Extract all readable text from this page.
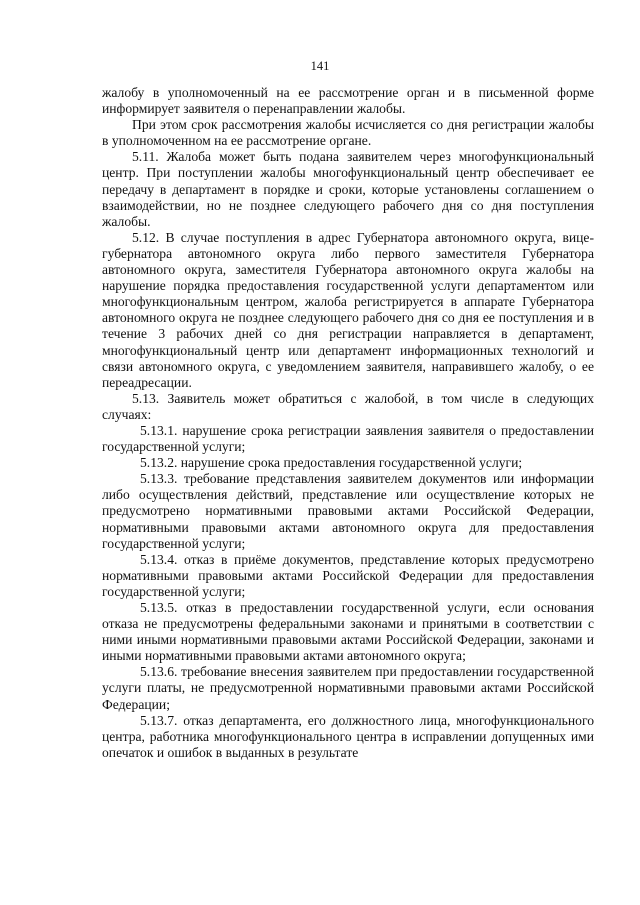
141

жалобу в уполномоченный на ее рассмотрение орган и в письменной форме информирует заявителя о перенаправлении жалобы.

При этом срок рассмотрения жалобы исчисляется со дня регистрации жалобы в уполномоченном на ее рассмотрение органе.

5.11. Жалоба может быть подана заявителем через многофункциональный центр. При поступлении жалобы многофункциональный центр обеспечивает ее передачу в департамент в порядке и сроки, которые установлены соглашением о взаимодействии, но не позднее следующего рабочего дня со дня поступления жалобы.

5.12. В случае поступления в адрес Губернатора автономного округа, вице-губернатора автономного округа либо первого заместителя Губернатора автономного округа, заместителя Губернатора автономного округа жалобы на нарушение порядка предоставления государственной услуги департаментом или многофункциональным центром, жалоба регистрируется в аппарате Губернатора автономного округа не позднее следующего рабочего дня со дня ее поступления и в течение 3 рабочих дней со дня регистрации направляется в департамент, многофункциональный центр или департамент информационных технологий и связи автономного округа, с уведомлением заявителя, направившего жалобу, о ее переадресации.

5.13. Заявитель может обратиться с жалобой, в том числе в следующих случаях:

5.13.1. нарушение срока регистрации заявления заявителя о предоставлении государственной услуги;

5.13.2. нарушение срока предоставления государственной услуги;

5.13.3. требование представления заявителем документов или информации либо осуществления действий, представление или осуществление которых не предусмотрено нормативными правовыми актами Российской Федерации, нормативными правовыми актами автономного округа для предоставления государственной услуги;

5.13.4. отказ в приёме документов, представление которых предусмотрено нормативными правовыми актами Российской Федерации для предоставления государственной услуги;

5.13.5. отказ в предоставлении государственной услуги, если основания отказа не предусмотрены федеральными законами и принятыми в соответствии с ними иными нормативными правовыми актами Российской Федерации, законами и иными нормативными правовыми актами автономного округа;

5.13.6. требование внесения заявителем при предоставлении государственной услуги платы, не предусмотренной нормативными правовыми актами Российской Федерации;

5.13.7. отказ департамента, его должностного лица, многофункционального центра, работника многофункционального центра в исправлении допущенных ими опечаток и ошибок в выданных в результате
